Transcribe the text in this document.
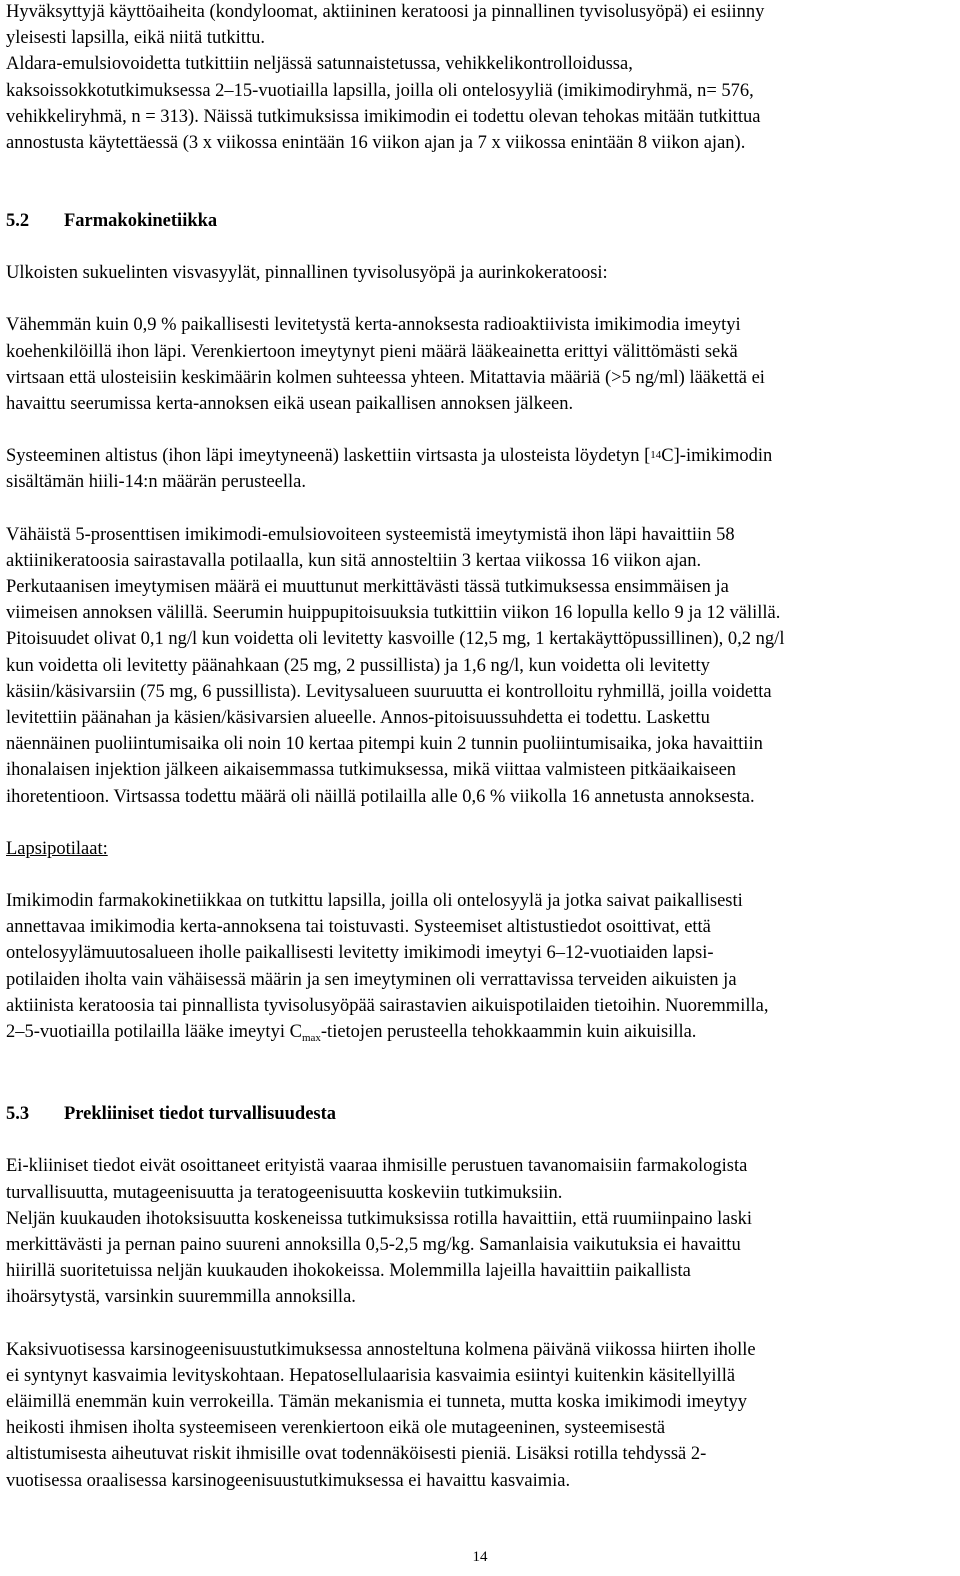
Hyväksyttyjä käyttöaiheita (kondyloomat, aktiininen keratoosi ja pinnallinen tyvisolusyöpä) ei esiinny

yleisesti lapsilla, eikä niitä tutkittu.

Aldara-emulsiovoidetta tutkittiin neljässä satunnaistetussa, vehikkelikontrolloidussa,

kaksoissokkotutkimuksessa 2–15-vuotiailla lapsilla, joilla oli ontelosyyliä (imikimodiryhmä, n= 576,

vehikkeliryhmä, n = 313). Näissä tutkimuksissa imikimodin ei todettu olevan tehokas mitään tutkittua

annostusta käytettäessä (3 x viikossa enintään 16 viikon ajan ja 7 x viikossa enintään 8 viikon ajan).

5.2	Farmakokinetiikka

Ulkoisten sukuelinten visvasyylät, pinnallinen tyvisolusyöpä ja aurinkokeratoosi:

Vähemmän kuin 0,9 % paikallisesti levitetystä kerta-annoksesta radioaktiivista imikimodia imeytyi

koehenkilöillä ihon läpi. Verenkiertoon imeytynyt pieni määrä lääkeainetta erittyi välittömästi sekä

virtsaan että ulosteisiin keskimäärin kolmen suhteessa yhteen. Mitattavia määriä (>5 ng/ml) lääkettä ei

havaittu seerumissa kerta-annoksen eikä usean paikallisen annoksen jälkeen.

Systeeminen altistus (ihon läpi imeytyneenä) laskettiin virtsasta ja ulosteista löydetyn [$^{14}$C]-imikimodin

sisältämän hiili-14:n määrän perusteella.

Vähäistä 5-prosenttisen imikimodi-emulsiovoiteen systeemistä imeytymistä ihon läpi havaittiin 58

aktiinikeratoosia sairastavalla potilaalla, kun sitä annosteltiin 3 kertaa viikossa 16 viikon ajan.

Perkutaanisen imeytymisen määrä ei muuttunut merkittävästi tässä tutkimuksessa ensimmäisen ja

viimeisen annoksen välillä. Seerumin huippupitoisuuksia tutkittiin viikon 16 lopulla kello 9 ja 12 välillä.

Pitoisuudet olivat 0,1 ng/l kun voidetta oli levitetty kasvoille (12,5 mg, 1 kertakäyttöpussillinen), 0,2 ng/l

kun voidetta oli levitetty päänahkaan (25 mg, 2 pussillista) ja 1,6 ng/l, kun voidetta oli levitetty

käsiin/käsivarsiin (75 mg, 6 pussillista). Levitysalueen suuruutta ei kontrolloitu ryhmillä, joilla voidetta

levitettiin päänahan ja käsien/käsivarsien alueelle. Annos-pitoisuussuhdetta ei todettu. Laskettu

näennäinen puoliintumisaika oli noin 10 kertaa pitempi kuin 2 tunnin puoliintumisaika, joka havaittiin

ihonalaisen injektion jälkeen aikaisemmassa tutkimuksessa, mikä viittaa valmisteen pitkäaikaiseen

ihoretentioon. Virtsassa todettu määrä oli näillä potilailla alle 0,6 % viikolla 16 annetusta annoksesta.

Lapsipotilaat:

Imikimodin farmakokinetiikkaa on tutkittu lapsilla, joilla oli ontelosyylä ja jotka saivat paikallisesti

annettavaa imikimodia kerta-annoksena tai toistuvasti. Systeemiset altistustiedot osoittivat, että

ontelosyylämuutosalueen iholle paikallisesti levitetty imikimodi imeytyi 6–12-vuotiaiden lapsi-

potilaiden iholta vain vähäisessä määrin ja sen imeytyminen oli verrattavissa terveiden aikuisten ja

aktiinista keratoosia tai pinnallista tyvisolusyöpää sairastavien aikuispotilaiden tietoihin. Nuoremmilla,

2–5-vuotiailla potilailla lääke imeytyi $C_{max}$-tietojen perusteella tehokkaammin kuin aikuisilla.

5.3	Prekliiniset tiedot turvallisuudesta

Ei-kliiniset tiedot eivät osoittaneet erityistä vaaraa ihmisille perustuen tavanomaisiin farmakologista

turvallisuutta, mutageenisuutta ja teratogeenisuutta koskeviin tutkimuksiin.

Neljän kuukauden ihotoksisuutta koskeneissa tutkimuksissa rotilla havaittiin, että ruumiinpaino laski

merkittävästi ja pernan paino suureni annoksilla 0,5-2,5 mg/kg. Samanlaisia vaikutuksia ei havaittu

hiirillä suoritetuissa neljän kuukauden ihokokeissa. Molemmilla lajeilla havaittiin paikallista

ihoärsytystä, varsinkin suuremmilla annoksilla.

Kaksivuotisessa karsinogeenisuustutkimuksessa annosteltuna kolmena päivänä viikossa hiirten iholle

ei syntynyt kasvaimia levityskohtaan. Hepatosellulaarisia kasvaimia esiintyi kuitenkin käsitellyillä

eläimillä enemmän kuin verrokeilla. Tämän mekanismia ei tunneta, mutta koska imikimodi imeytyy

heikosti ihmisen iholta systeemiseen verenkiertoon eikä ole mutageeninen, systeemisestä

altistumisesta aiheutuvat riskit ihmisille ovat todennäköisesti pieniä. Lisäksi rotilla tehdyssä 2-

vuotisessa oraalisessa karsinogeenisuustutkimuksessa ei havaittu kasvaimia.

14
